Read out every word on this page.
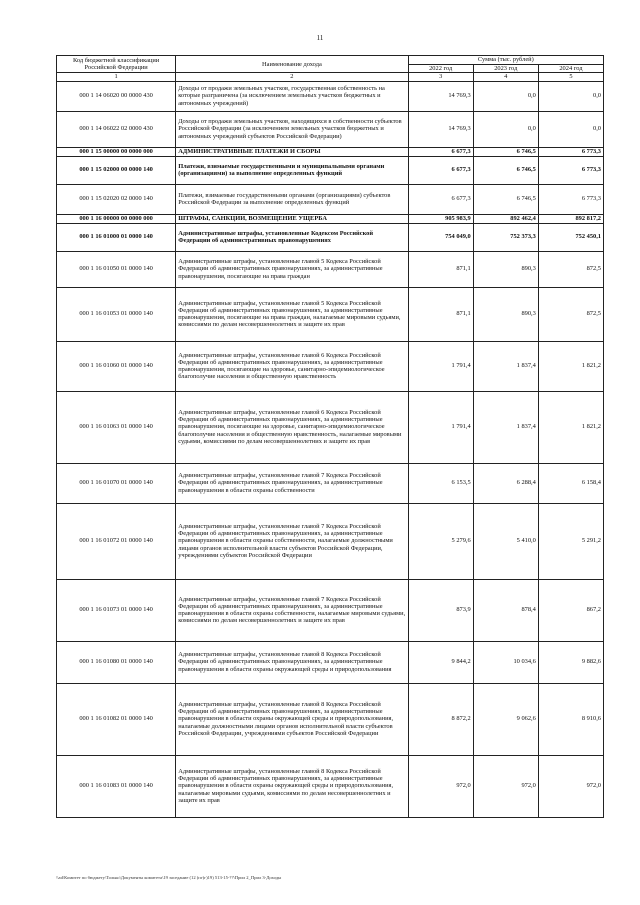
11
Код бюджетной классификации Российской Федерации	Наименование дохода	Сумма (тыс. рублей)		
		2022 год	2023 год	2024 год
1	2	3	4	5
000 1 14 06020 00 0000 430	Доходы от продажи земельных участков, государственная собственность на которые разграничена (за исключением земельных участков бюджетных и автономных учреждений)	14 769,3	0,0	0,0
000 1 14 06022 02 0000 430	Доходы от продажи земельных участков, находящихся в собственности субъектов Российской Федерации (за исключением земельных участков бюджетных и автономных учреждений субъектов Российской Федерации)	14 769,3	0,0	0,0
000 1 15 00000 00 0000 000	АДМИНИСТРАТИВНЫЕ ПЛАТЕЖИ И СБОРЫ	6 677,3	6 746,5	6 773,3
000 1 15 02000 00 0000 140	Платежи, взимаемые государственными и муниципальными органами (организациями) за выполнение определенных функций	6 677,3	6 746,5	6 773,3
000 1 15 02020 02 0000 140	Платежи, взимаемые государственными органами (организациями) субъектов Российской Федерации за выполнение определенных функций	6 677,3	6 746,5	6 773,3
000 1 16 00000 00 0000 000	ШТРАФЫ, САНКЦИИ, ВОЗМЕЩЕНИЕ УЩЕРБА	905 983,9	892 462,4	892 817,2
000 1 16 01000 01 0000 140	Административные штрафы, установленные Кодексом Российской Федерации об административных правонарушениях	754 049,0	752 373,3	752 450,1
000 1 16 01050 01 0000 140	Административные штрафы, установленные главой 5 Кодекса Российской Федерации об административных правонарушениях, за административные правонарушения, посягающие на права граждан	871,1	890,3	872,5
000 1 16 01053 01 0000 140	Административные штрафы, установленные главой 5 Кодекса Российской Федерации об административных правонарушениях, за административные правонарушения, посягающие на права граждан, налагаемые мировыми судьями, комиссиями по делам несовершеннолетних и защите их прав	871,1	890,3	872,5
000 1 16 01060 01 0000 140	Административные штрафы, установленные главой 6 Кодекса Российской Федерации об административных правонарушениях, за административные правонарушения, посягающие на здоровье, санитарно-эпидемиологическое благополучие населения и общественную нравственность	1 791,4	1 837,4	1 821,2
000 1 16 01063 01 0000 140	Административные штрафы, установленные главой 6 Кодекса Российской Федерации об административных правонарушениях, за административные правонарушения, посягающие на здоровье, санитарно-эпидемиологическое благополучие населения и общественную нравственность, налагаемые мировыми судьями, комиссиями по делам несовершеннолетних и защите их прав	1 791,4	1 837,4	1 821,2
000 1 16 01070 01 0000 140	Административные штрафы, установленные главой 7 Кодекса Российской Федерации об административных правонарушениях, за административные правонарушения в области охраны собственности	6 153,5	6 288,4	6 158,4
000 1 16 01072 01 0000 140	Административные штрафы, установленные главой 7 Кодекса Российской Федерации об административных правонарушениях, за административные правонарушения в области охраны собственности, налагаемые должностными лицами органов исполнительной власти субъектов Российской Федерации, учреждениями субъектов Российской Федерации	5 279,6	5 410,0	5 291,2
000 1 16 01073 01 0000 140	Административные штрафы, установленные главой 7 Кодекса Российской Федерации об административных правонарушениях, за административные правонарушения в области охраны собственности, налагаемые мировыми судьями, комиссиями по делам несовершеннолетних и защите их прав	873,9	878,4	867,2
000 1 16 01080 01 0000 140	Административные штрафы, установленные главой 8 Кодекса Российской Федерации об административных правонарушениях, за административные правонарушения в области охраны окружающей среды и природопользования	9 844,2	10 034,6	9 882,6
000 1 16 01082 01 0000 140	Административные штрафы, установленные главой 8 Кодекса Российской Федерации об административных правонарушениях, за административные правонарушения в области охраны окружающей среды и природопользования, налагаемые должностными лицами органов исполнительной власти субъектов Российской Федерации, учреждениями субъектов Российской Федерации	8 872,2	9 062,6	8 910,6
000 1 16 01083 01 0000 140	Административные штрафы, установленные главой 8 Кодекса Российской Федерации об административных правонарушениях, за административные правонарушения в области охраны окружающей среды и природопользования, налагаемые мировыми судьями, комиссиями по делам несовершеннолетних и защите их прав	972,0	972,0	972,0
\\ad\Комитет по бюджету\Только\Документы комитета\19 заседание (12 (пг)г)19) 513-15-??\Прил 2_Прил 3-Доходы
